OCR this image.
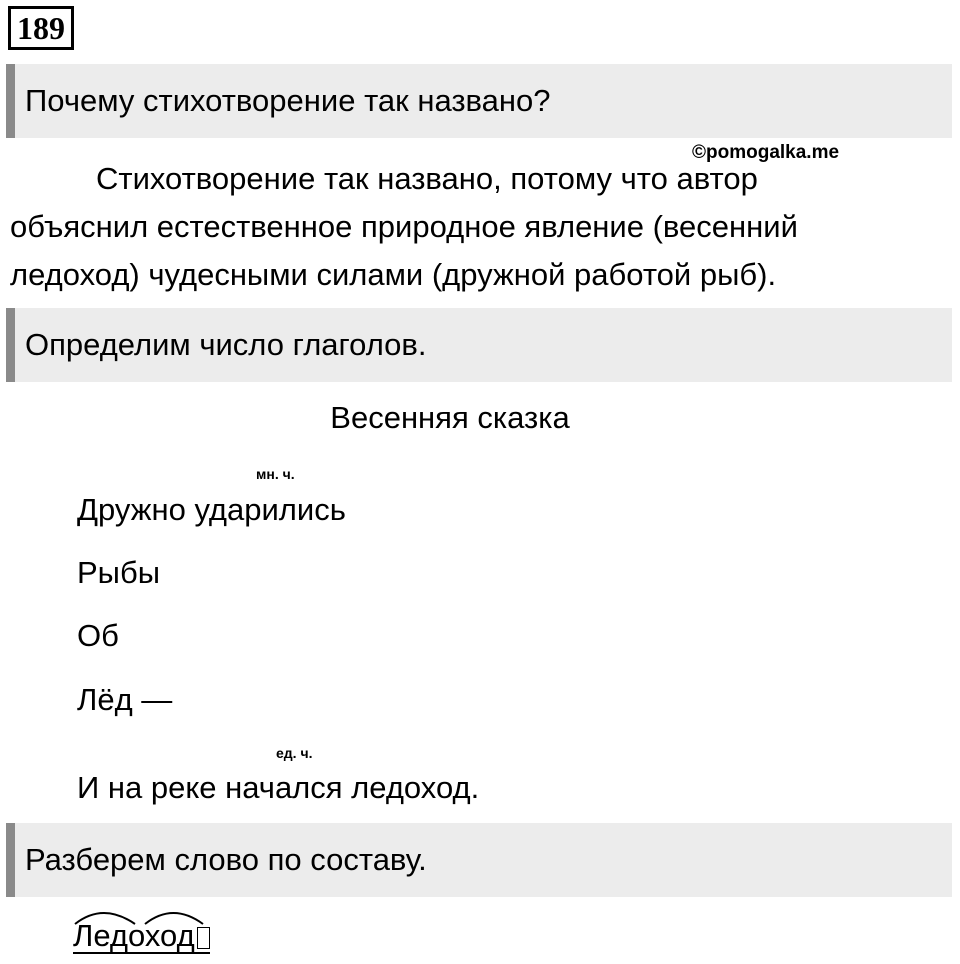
189
Почему стихотворение так названо?
©pomogalka.me

Стихотворение так названо, потому что автор

объяснил естественное природное явление (весенний

ледоход) чудесными силами (дружной работой рыб).

Определим число глаголов.
Весенняя сказка
мн. ч.
Дружно ударились
Рыбы
Об
Лёд —
ед. ч.
И на реке начался ледоход.
Разберем слово по составу.
Ледоход
